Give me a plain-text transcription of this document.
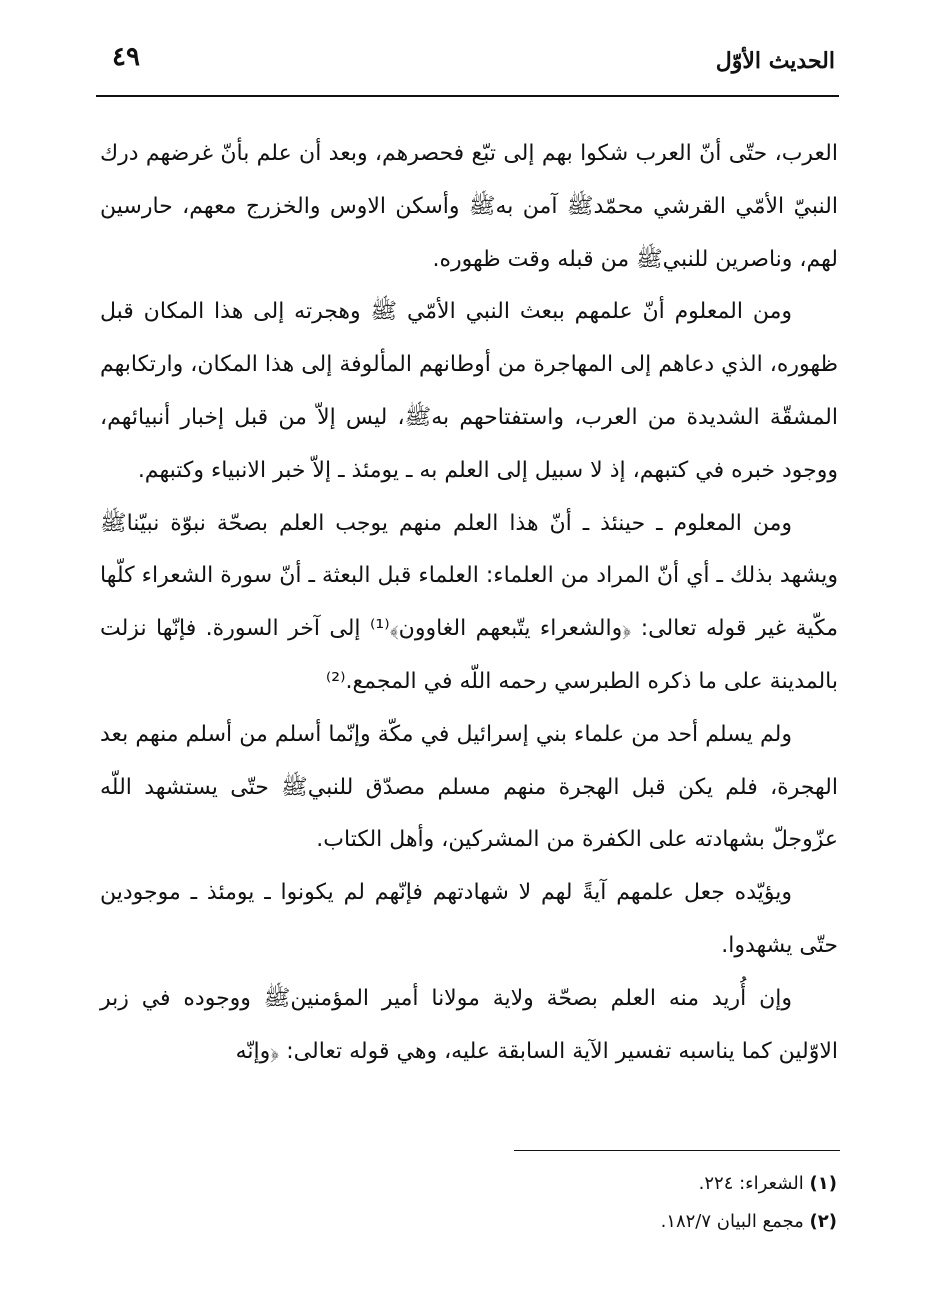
٤٩	الحديث الأوّل

العرب، حتّى أنّ العرب شكوا بهم إلى تبّع فحصرهم، وبعد أن علم بأنّ غرضهم درك النبيّ الأمّي القرشي محمّدﷺ آمن بهﷺ وأسكن الاوس والخزرج معهم، حارسين لهم، وناصرين للنبيﷺ من قبله وقت ظهوره.

ومن المعلوم أنّ علمهم ببعث النبي الأمّي ﷺ وهجرته إلى هذا المكان قبل ظهوره، الذي دعاهم إلى المهاجرة من أوطانهم المألوفة إلى هذا المكان، وارتكابهم المشقّة الشديدة من العرب، واستفتاحهم بهﷺ، ليس إلاّ من قبل إخبار أنبيائهم، ووجود خبره في كتبهم، إذ لا سبيل إلى العلم به ـ يومئذ ـ إلاّ خبر الانبياء وكتبهم.

ومن المعلوم ـ حينئذ ـ أنّ هذا العلم منهم يوجب العلم بصحّة نبوّة نبيّناﷺ ويشهد بذلك ـ أي أنّ المراد من العلماء: العلماء قبل البعثة ـ أنّ سورة الشعراء كلّها مكّية غير قوله تعالى: ﴿والشعراء يتّبعهم الغاوون﴾⁽¹⁾ إلى آخر السورة. فإنّها نزلت بالمدينة على ما ذكره الطبرسي رحمه اللّه في المجمع.⁽²⁾

ولم يسلم أحد من علماء بني إسرائيل في مكّة وإنّما أسلم من أسلم منهم بعد الهجرة، فلم يكن قبل الهجرة منهم مسلم مصدّق للنبيﷺ حتّى يستشهد اللّه عزّوجلّ بشهادته على الكفرة من المشركين، وأهل الكتاب.

ويؤيّده جعل علمهم آيةً لهم لا شهادتهم فإنّهم لم يكونوا ـ يومئذ ـ موجودين حتّى يشهدوا.

وإن أُريد منه العلم بصحّة ولاية مولانا أمير المؤمنينﷺ ووجوده في زبر الاوّلين كما يناسبه تفسير الآية السابقة عليه، وهي قوله تعالى: ﴿وإنّه

(١) الشعراء: ٢٢٤.

(٢) مجمع البيان ١٨٢/٧.
